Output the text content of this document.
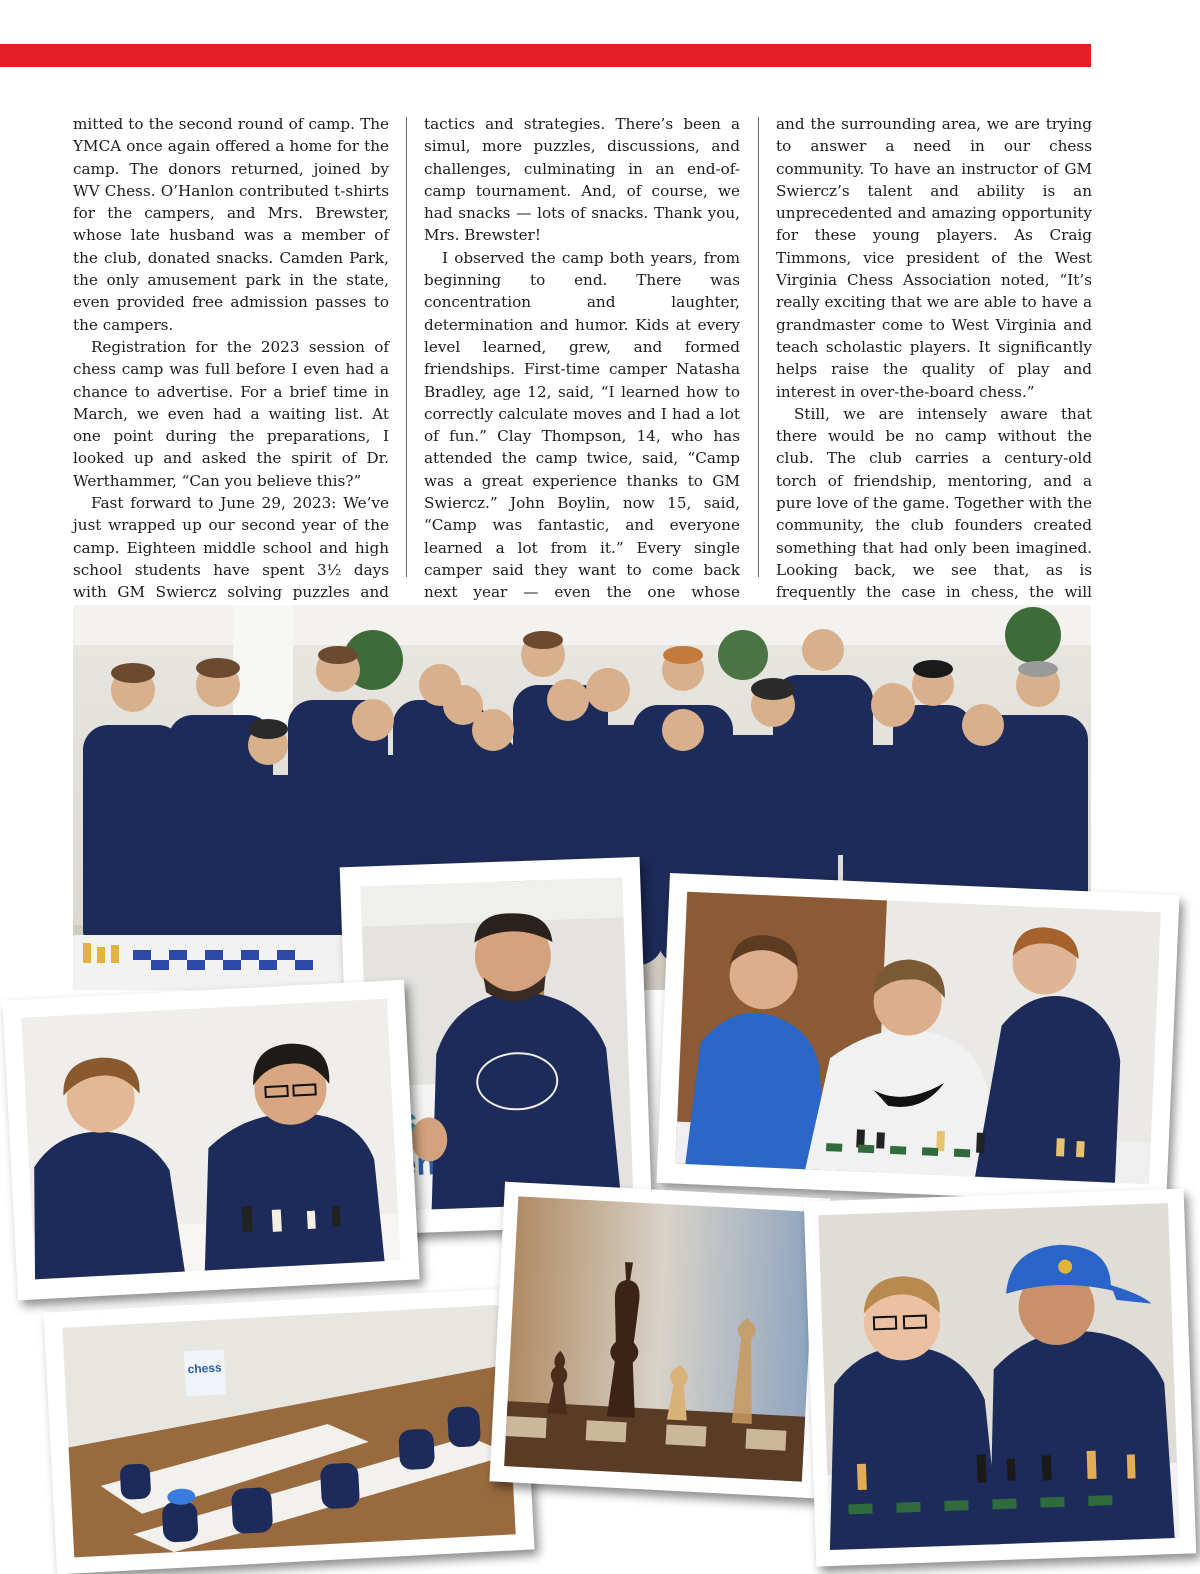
mitted to the second round of camp. The YMCA once again offered a home for the camp. The donors returned, joined by WV Chess. O’Hanlon contributed t-shirts for the campers, and Mrs. Brewster, whose late husband was a member of the club, donated snacks. Camden Park, the only amusement park in the state, even provided free admission passes to the campers.

Registration for the 2023 session of chess camp was full before I even had a chance to advertise. For a brief time in March, we even had a waiting list. At one point during the preparations, I looked up and asked the spirit of Dr. Werthammer, “Can you believe this?”

Fast forward to June 29, 2023: We’ve just wrapped up our second year of the camp. Eighteen middle school and high school students have spent 3½ days with GM Swiercz solving puzzles and

tactics and strategies. There’s been a simul, more puzzles, discussions, and challenges, culminating in an end-of-camp tournament. And, of course, we had snacks — lots of snacks. Thank you, Mrs. Brewster!

I observed the camp both years, from beginning to end. There was concentration and laughter, determination and humor. Kids at every level learned, grew, and formed friendships. First-time camper Natasha Bradley, age 12, said, “I learned how to correctly calculate moves and I had a lot of fun.” Clay Thompson, 14, who has attended the camp twice, said, “Camp was a great experience thanks to GM Swiercz.” John Boylin, now 15, said, “Camp was fantastic, and everyone learned a lot from it.” Every single camper said they want to come back next year — even the one whose

and the surrounding area, we are trying to answer a need in our chess community. To have an instructor of GM Swiercz’s talent and ability is an unprecedented and amazing opportunity for these young players. As Craig Timmons, vice president of the West Virginia Chess Association noted, “It’s really exciting that we are able to have a grandmaster come to West Virginia and teach scholastic players. It significantly helps raise the quality of play and interest in over-the-board chess.”

Still, we are intensely aware that there would be no camp without the club. The club carries a century-old torch of friendship, mentoring, and a pure love of the game. Together with the community, the club founders created something that had only been imagined. Looking back, we see that, as is frequently the case in chess, the will

chess
